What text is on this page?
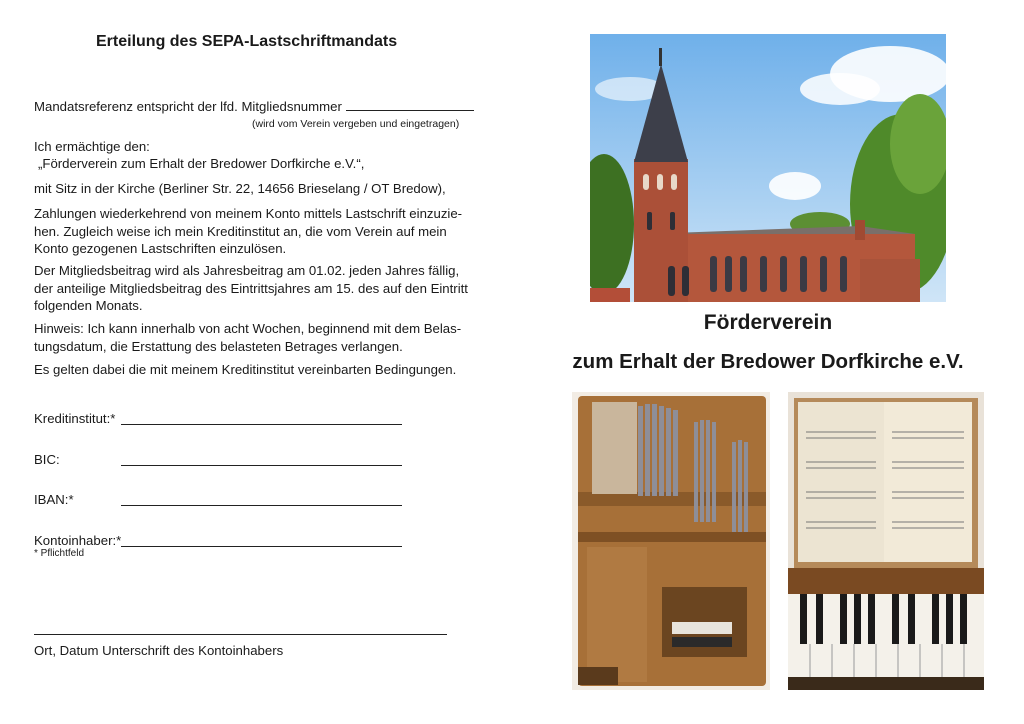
Erteilung des SEPA-Lastschriftmandats
Mandatsreferenz entspricht der lfd. Mitgliedsnummer
(wird vom Verein vergeben und eingetragen)
Ich ermächtige den:
„Förderverein zum Erhalt der Bredower Dorfkirche e.V.“,
mit Sitz in der Kirche (Berliner Str. 22, 14656 Brieselang / OT Bredow),
Zahlungen wiederkehrend von meinem Konto mittels Lastschrift einzuzie-hen. Zugleich weise ich mein Kreditinstitut an, die vom Verein auf mein Konto gezogenen Lastschriften einzulösen.
Der Mitgliedsbeitrag wird als Jahresbeitrag am 01.02. jeden Jahres fällig, der anteilige Mitgliedsbeitrag des Eintrittsjahres am 15. des auf den Eintritt folgenden Monats.
Hinweis: Ich kann innerhalb von acht Wochen, beginnend mit dem Belas-tungsdatum, die Erstattung des belasteten Betrages verlangen.
Es gelten dabei die mit meinem Kreditinstitut vereinbarten Bedingungen.
Kreditinstitut:*
BIC:
IBAN:*
Kontoinhaber:*
* Pflichtfeld
Ort, Datum Unterschrift des Kontoinhabers
Förderverein
zum Erhalt der Bredower Dorfkirche e.V.
